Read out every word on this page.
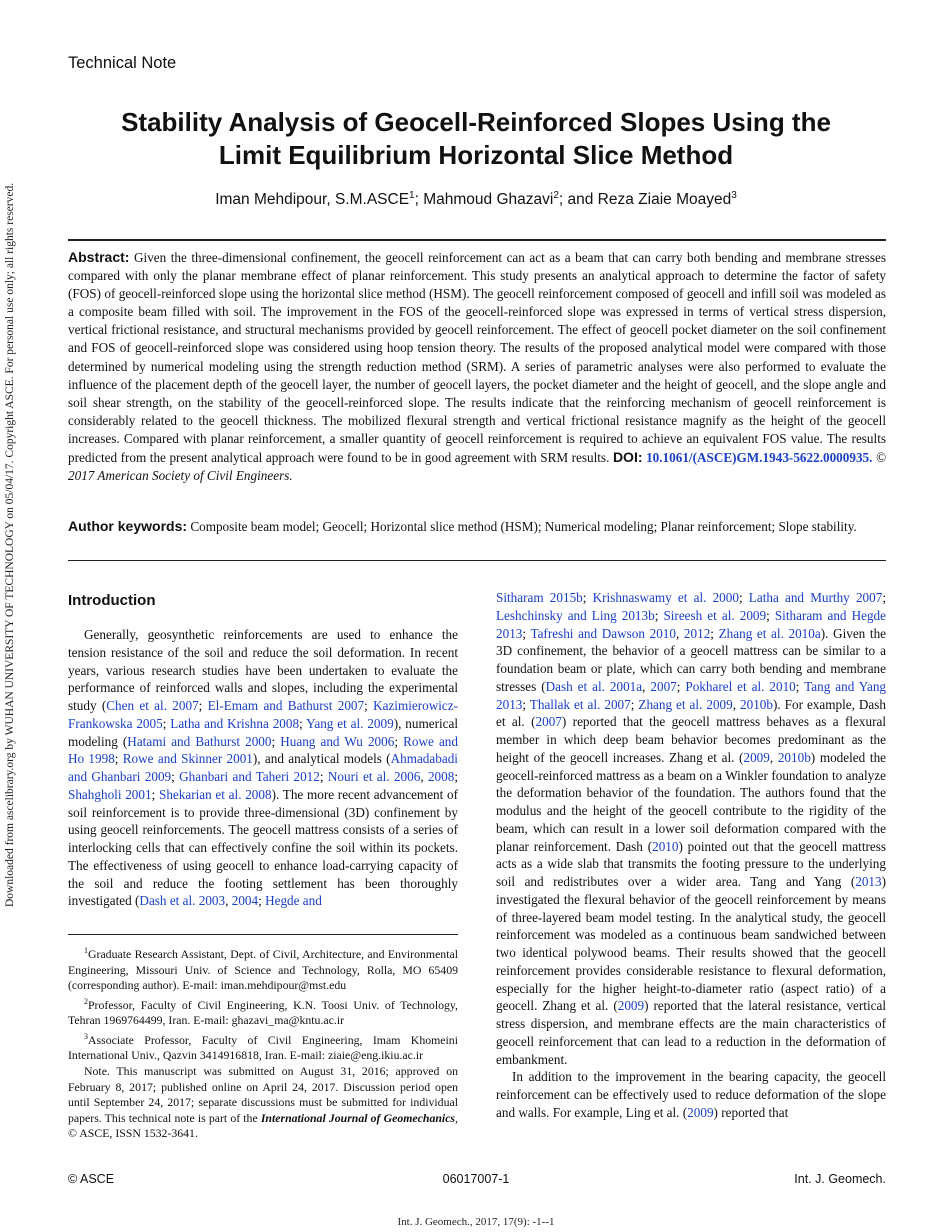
Technical Note
Stability Analysis of Geocell-Reinforced Slopes Using the
Limit Equilibrium Horizontal Slice Method
Iman Mehdipour, S.M.ASCE$^1$; Mahmoud Ghazavi$^2$; and Reza Ziaie Moayed$^3$
Abstract: Given the three-dimensional confinement, the geocell reinforcement can act as a beam that can carry both bending and membrane stresses compared with only the planar membrane effect of planar reinforcement. This study presents an analytical approach to determine the factor of safety (FOS) of geocell-reinforced slope using the horizontal slice method (HSM). The geocell reinforcement composed of geocell and infill soil was modeled as a composite beam filled with soil. The improvement in the FOS of the geocell-reinforced slope was expressed in terms of vertical stress dispersion, vertical frictional resistance, and structural mechanisms provided by geocell reinforcement. The effect of geocell pocket diameter on the soil confinement and FOS of geocell-reinforced slope was considered using hoop tension theory. The results of the proposed analytical model were compared with those determined by numerical modeling using the strength reduction method (SRM). A series of parametric analyses were also performed to evaluate the influence of the placement depth of the geocell layer, the number of geocell layers, the pocket diameter and the height of geocell, and the slope angle and soil shear strength, on the stability of the geocell-reinforced slope. The results indicate that the reinforcing mechanism of geocell reinforcement is considerably related to the geocell thickness. The mobilized flexural strength and vertical frictional resistance magnify as the height of the geocell increases. Compared with planar reinforcement, a smaller quantity of geocell reinforcement is required to achieve an equivalent FOS value. The results predicted from the present analytical approach were found to be in good agreement with SRM results. DOI: 10.1061/(ASCE)GM.1943-5622.0000935. © 2017 American Society of Civil Engineers.
Author keywords: Composite beam model; Geocell; Horizontal slice method (HSM); Numerical modeling; Planar reinforcement; Slope stability.
Introduction

Generally, geosynthetic reinforcements are used to enhance the tension resistance of the soil and reduce the soil deformation. In recent years, various research studies have been undertaken to evaluate the performance of reinforced walls and slopes, including the experimental study (Chen et al. 2007; El-Emam and Bathurst 2007; Kazimierowicz-Frankowska 2005; Latha and Krishna 2008; Yang et al. 2009), numerical modeling (Hatami and Bathurst 2000; Huang and Wu 2006; Rowe and Ho 1998; Rowe and Skinner 2001), and analytical models (Ahmadabadi and Ghanbari 2009; Ghanbari and Taheri 2012; Nouri et al. 2006, 2008; Shahgholi 2001; Shekarian et al. 2008). The more recent advancement of soil reinforcement is to provide three-dimensional (3D) confinement by using geocell reinforcements. The geocell mattress consists of a series of interlocking cells that can effectively confine the soil within its pockets. The effectiveness of using geocell to enhance load-carrying capacity of the soil and reduce the footing settlement has been thoroughly investigated (Dash et al. 2003, 2004; Hegde and

$^1$Graduate Research Assistant, Dept. of Civil, Architecture, and Environmental Engineering, Missouri Univ. of Science and Technology, Rolla, MO 65409 (corresponding author). E-mail: iman.mehdipour@mst.edu

$^2$Professor, Faculty of Civil Engineering, K.N. Toosi Univ. of Technology, Tehran 1969764499, Iran. E-mail: ghazavi_ma@kntu.ac.ir

$^3$Associate Professor, Faculty of Civil Engineering, Imam Khomeini International Univ., Qazvin 3414916818, Iran. E-mail: ziaie@eng.ikiu.ac.ir

Note. This manuscript was submitted on August 31, 2016; approved on February 8, 2017; published online on April 24, 2017. Discussion period open until September 24, 2017; separate discussions must be submitted for individual papers. This technical note is part of the International Journal of Geomechanics, © ASCE, ISSN 1532-3641.

Sitharam 2015b; Krishnaswamy et al. 2000; Latha and Murthy 2007; Leshchinsky and Ling 2013b; Sireesh et al. 2009; Sitharam and Hegde 2013; Tafreshi and Dawson 2010, 2012; Zhang et al. 2010a). Given the 3D confinement, the behavior of a geocell mattress can be similar to a foundation beam or plate, which can carry both bending and membrane stresses (Dash et al. 2001a, 2007; Pokharel et al. 2010; Tang and Yang 2013; Thallak et al. 2007; Zhang et al. 2009, 2010b). For example, Dash et al. (2007) reported that the geocell mattress behaves as a flexural member in which deep beam behavior becomes predominant as the height of the geocell increases. Zhang et al. (2009, 2010b) modeled the geocell-reinforced mattress as a beam on a Winkler foundation to analyze the deformation behavior of the foundation. The authors found that the modulus and the height of the geocell contribute to the rigidity of the beam, which can result in a lower soil deformation compared with the planar reinforcement. Dash (2010) pointed out that the geocell mattress acts as a wide slab that transmits the footing pressure to the underlying soil and redistributes over a wider area. Tang and Yang (2013) investigated the flexural behavior of the geocell reinforcement by means of three-layered beam model testing. In the analytical study, the geocell reinforcement was modeled as a continuous beam sandwiched between two identical polywood beams. Their results showed that the geocell reinforcement provides considerable resistance to flexural deformation, especially for the higher height-to-diameter ratio (aspect ratio) of a geocell. Zhang et al. (2009) reported that the lateral resistance, vertical stress dispersion, and membrane effects are the main characteristics of geocell reinforcement that can lead to a reduction in the deformation of embankment.

In addition to the improvement in the bearing capacity, the geocell reinforcement can be effectively used to reduce deformation of the slope and walls. For example, Ling et al. (2009) reported that

© ASCE	06017007-1	Int. J. Geomech.
Downloaded from ascelibrary.org by WUHAN UNIVERSITY OF TECHNOLOGY on 05/04/17. Copyright ASCE. For personal use only; all rights reserved.
Int. J. Geomech., 2017, 17(9): -1--1
